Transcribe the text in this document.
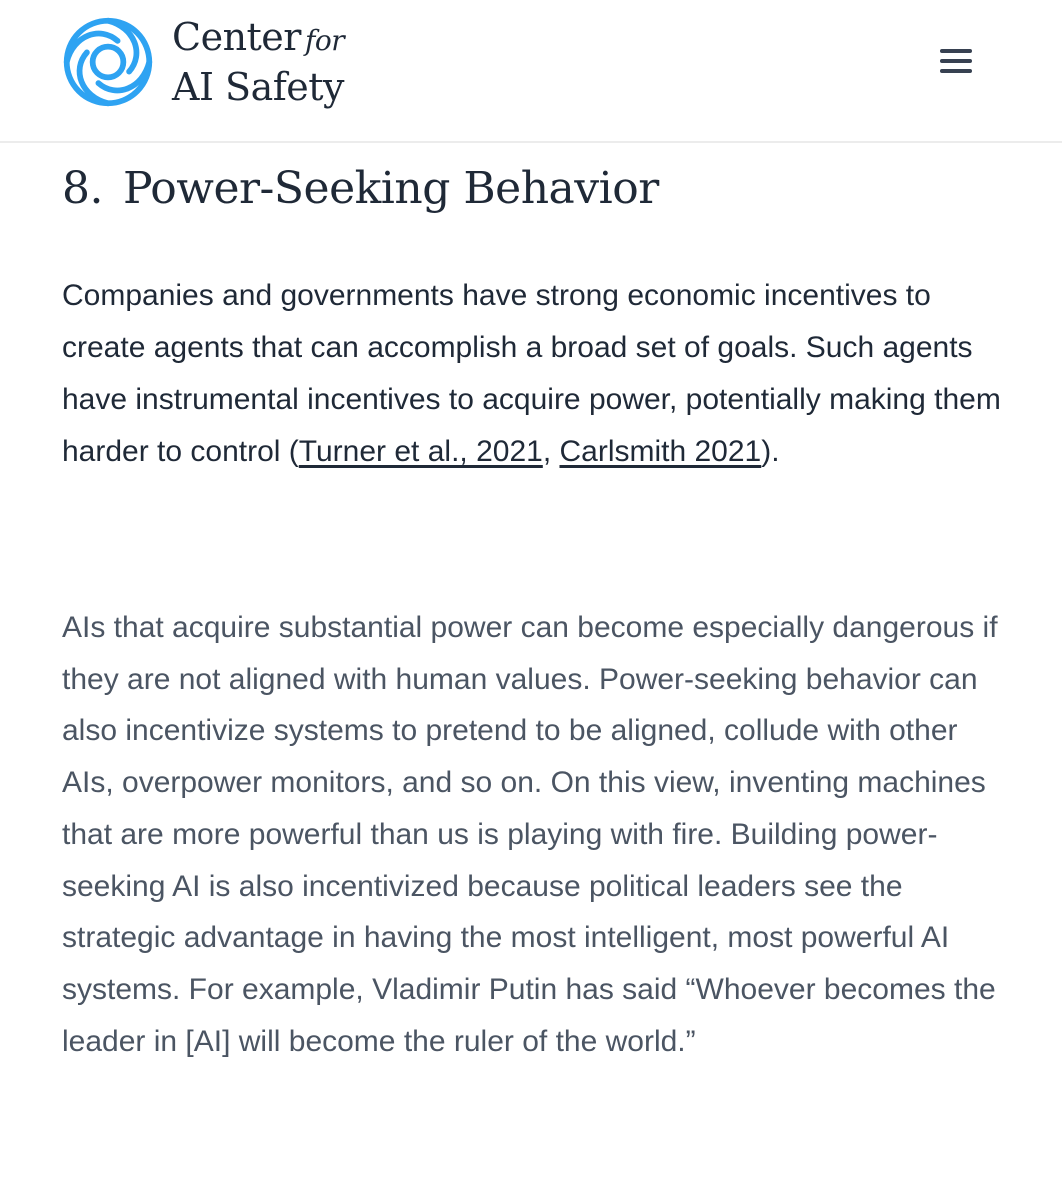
Center for
AI Safety
8. Power-Seeking Behavior

Companies and governments have strong economic incentives to create agents that can accomplish a broad set of goals. Such agents have instrumental incentives to acquire power, potentially making them harder to control (Turner et al., 2021, Carlsmith 2021).

AIs that acquire substantial power can become especially dangerous if they are not aligned with human values. Power-seeking behavior can also incentivize systems to pretend to be aligned, collude with other AIs, overpower monitors, and so on. On this view, inventing machines that are more powerful than us is playing with fire. Building power-seeking AI is also incentivized because political leaders see the strategic advantage in having the most intelligent, most powerful AI systems. For example, Vladimir Putin has said “Whoever becomes the leader in [AI] will become the ruler of the world.”
